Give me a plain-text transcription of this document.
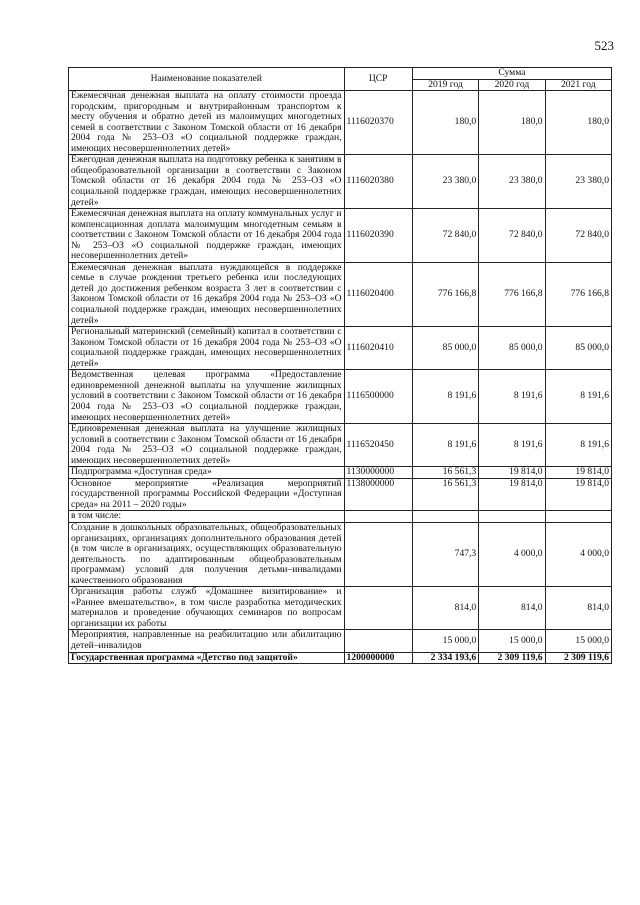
523
Наименование показателей	ЦСР	Сумма		
		2019 год	2020 год	2021 год
Ежемесячная денежная выплата на оплату стоимости проезда городским, пригородным и внутрирайонным транспортом к месту обучения и обратно детей из малоимущих многодетных семей в соответствии с Законом Томской области от 16 декабря 2004 года № 253–ОЗ «О социальной поддержке граждан, имеющих несовершеннолетних детей»	1116020370	180,0	180,0	180,0
Ежегодная денежная выплата на подготовку ребенка к занятиям в общеобразовательной организации в соответствии с Законом Томской области от 16 декабря 2004 года № 253–ОЗ «О социальной поддержке граждан, имеющих несовершеннолетних детей»	1116020380	23 380,0	23 380,0	23 380,0
Ежемесячная денежная выплата на оплату коммунальных услуг и компенсационная доплата малоимущим многодетным семьям в соответствии с Законом Томской области от 16 декабря 2004 года № 253–ОЗ «О социальной поддержке граждан, имеющих несовершеннолетних детей»	1116020390	72 840,0	72 840,0	72 840,0
Ежемесячная денежная выплата нуждающейся в поддержке семье в случае рождения третьего ребенка или последующих детей до достижения ребенком возраста 3 лет в соответствии с Законом Томской области от 16 декабря 2004 года № 253–ОЗ «О социальной поддержке граждан, имеющих несовершеннолетних детей»	1116020400	776 166,8	776 166,8	776 166,8
Региональный материнский (семейный) капитал в соответствии с Законом Томской области от 16 декабря 2004 года № 253–ОЗ «О социальной поддержке граждан, имеющих несовершеннолетних детей»	1116020410	85 000,0	85 000,0	85 000,0
Ведомственная целевая программа «Предоставление единовременной денежной выплаты на улучшение жилищных условий в соответствии с Законом Томской области от 16 декабря 2004 года № 253–ОЗ «О социальной поддержке граждан, имеющих несовершеннолетних детей»	1116500000	8 191,6	8 191,6	8 191,6
Единовременная денежная выплата на улучшение жилищных условий в соответствии с Законом Томской области от 16 декабря 2004 года № 253–ОЗ «О социальной поддержке граждан, имеющих несовершеннолетних детей»	1116520450	8 191,6	8 191,6	8 191,6
Подпрограмма «Доступная среда»	1130000000	16 561,3	19 814,0	19 814,0
Основное мероприятие «Реализация мероприятий государственной программы Российской Федерации «Доступная среда» на 2011 – 2020 годы»	1138000000	16 561,3	19 814,0	19 814,0
в том числе:				
Создание в дошкольных образовательных, общеобразовательных организациях, организациях дополнительного образования детей (в том числе в организациях, осуществляющих образовательную деятельность по адаптированным общеобразовательным программам) условий для получения детьми–инвалидами качественного образования		747,3	4 000,0	4 000,0
Организация работы служб «Домашнее визитирование» и «Раннее вмешательство», в том числе разработка методических материалов и проведение обучающих семинаров по вопросам организации их работы		814,0	814,0	814,0
Мероприятия, направленные на реабилитацию или абилитацию детей–инвалидов		15 000,0	15 000,0	15 000,0
Государственная программа «Детство под защитой»	1200000000	2 334 193,6	2 309 119,6	2 309 119,6
